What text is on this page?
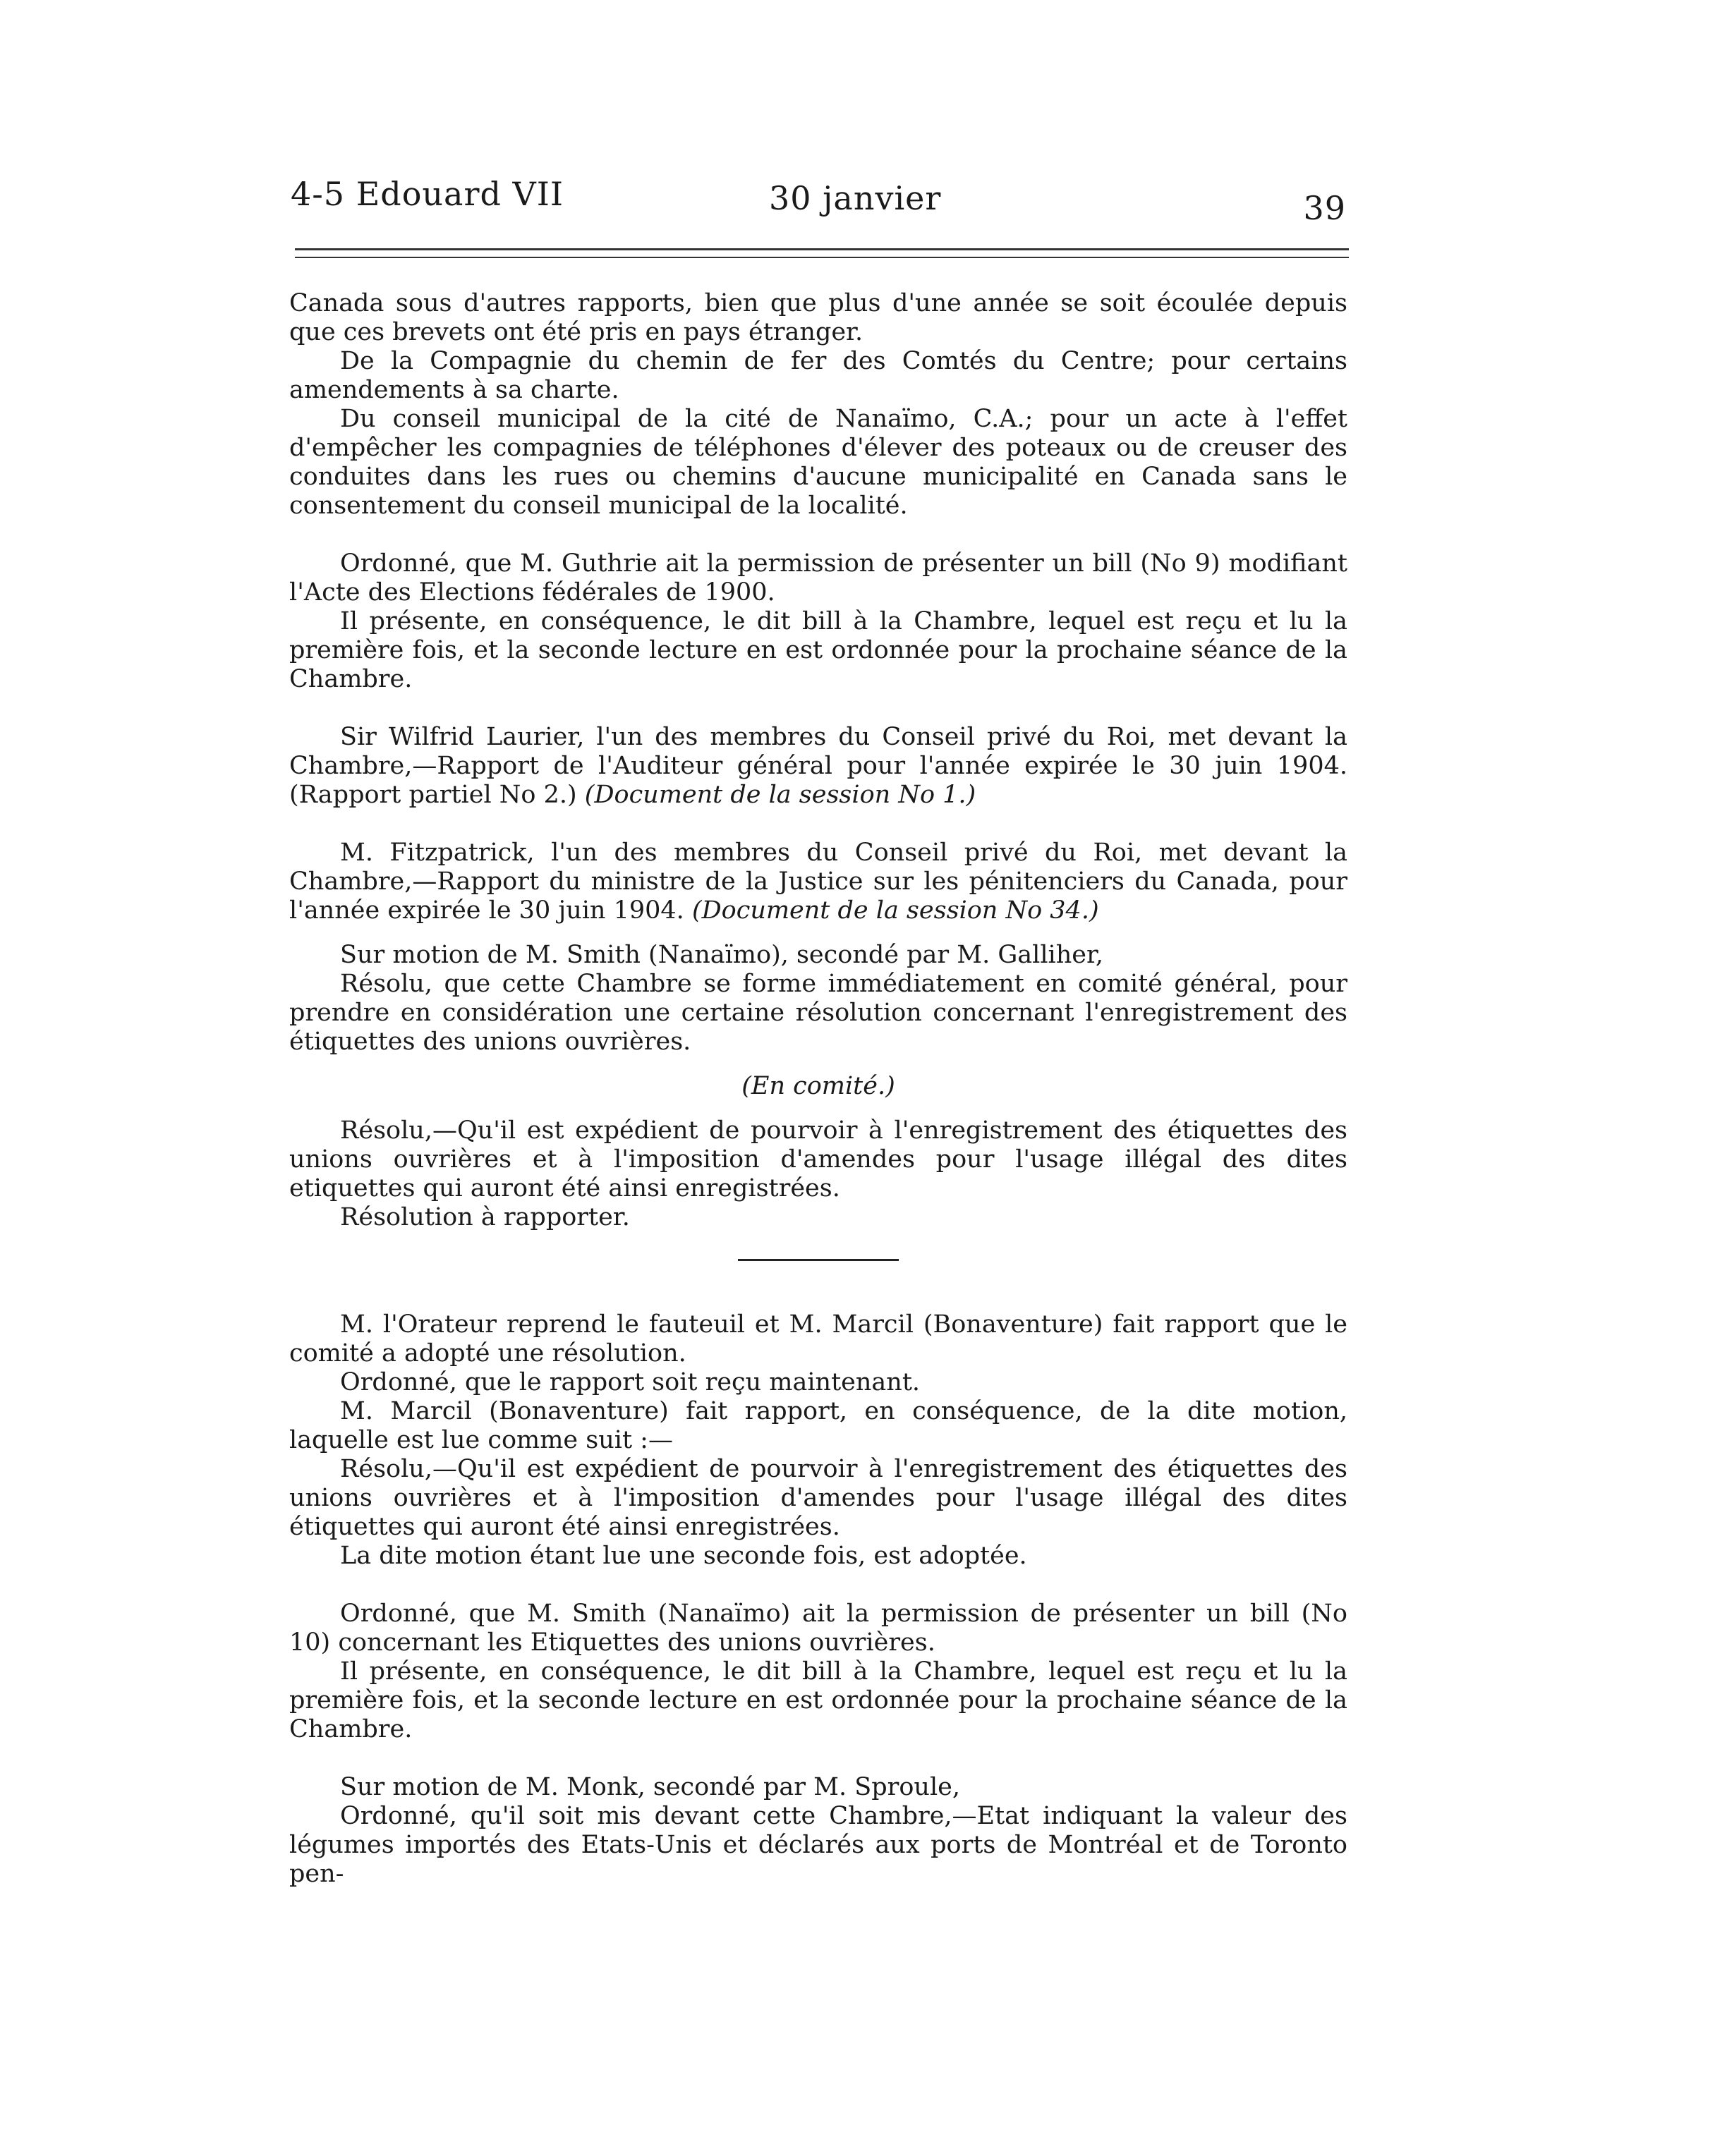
4-5 Edouard VII	30 janvier	39

Canada sous d'autres rapports, bien que plus d'une année se soit écoulée depuis que ces brevets ont été pris en pays étranger.

De la Compagnie du chemin de fer des Comtés du Centre; pour certains amendements à sa charte.

Du conseil municipal de la cité de Nanaïmo, C.A.; pour un acte à l'effet d'empêcher les compagnies de téléphones d'élever des poteaux ou de creuser des conduites dans les rues ou chemins d'aucune municipalité en Canada sans le consentement du conseil municipal de la localité.

Ordonné, que M. Guthrie ait la permission de présenter un bill (No 9) modifiant l'Acte des Elections fédérales de 1900.

Il présente, en conséquence, le dit bill à la Chambre, lequel est reçu et lu la première fois, et la seconde lecture en est ordonnée pour la prochaine séance de la Chambre.

Sir Wilfrid Laurier, l'un des membres du Conseil privé du Roi, met devant la Chambre,—Rapport de l'Auditeur général pour l'année expirée le 30 juin 1904. (Rapport partiel No 2.) (Document de la session No 1.)

M. Fitzpatrick, l'un des membres du Conseil privé du Roi, met devant la Chambre,—Rapport du ministre de la Justice sur les pénitenciers du Canada, pour l'année expirée le 30 juin 1904. (Document de la session No 34.)

Sur motion de M. Smith (Nanaïmo), secondé par M. Galliher,

Résolu, que cette Chambre se forme immédiatement en comité général, pour prendre en considération une certaine résolution concernant l'enregistrement des étiquettes des unions ouvrières.

(En comité.)

Résolu,—Qu'il est expédient de pourvoir à l'enregistrement des étiquettes des unions ouvrières et à l'imposition d'amendes pour l'usage illégal des dites etiquettes qui auront été ainsi enregistrées.

Résolution à rapporter.

M. l'Orateur reprend le fauteuil et M. Marcil (Bonaventure) fait rapport que le comité a adopté une résolution.

Ordonné, que le rapport soit reçu maintenant.

M. Marcil (Bonaventure) fait rapport, en conséquence, de la dite motion, laquelle est lue comme suit :—

Résolu,—Qu'il est expédient de pourvoir à l'enregistrement des étiquettes des unions ouvrières et à l'imposition d'amendes pour l'usage illégal des dites étiquettes qui auront été ainsi enregistrées.

La dite motion étant lue une seconde fois, est adoptée.

Ordonné, que M. Smith (Nanaïmo) ait la permission de présenter un bill (No 10) concernant les Etiquettes des unions ouvrières.

Il présente, en conséquence, le dit bill à la Chambre, lequel est reçu et lu la première fois, et la seconde lecture en est ordonnée pour la prochaine séance de la Chambre.

Sur motion de M. Monk, secondé par M. Sproule,

Ordonné, qu'il soit mis devant cette Chambre,—Etat indiquant la valeur des légumes importés des Etats-Unis et déclarés aux ports de Montréal et de Toronto pen-
